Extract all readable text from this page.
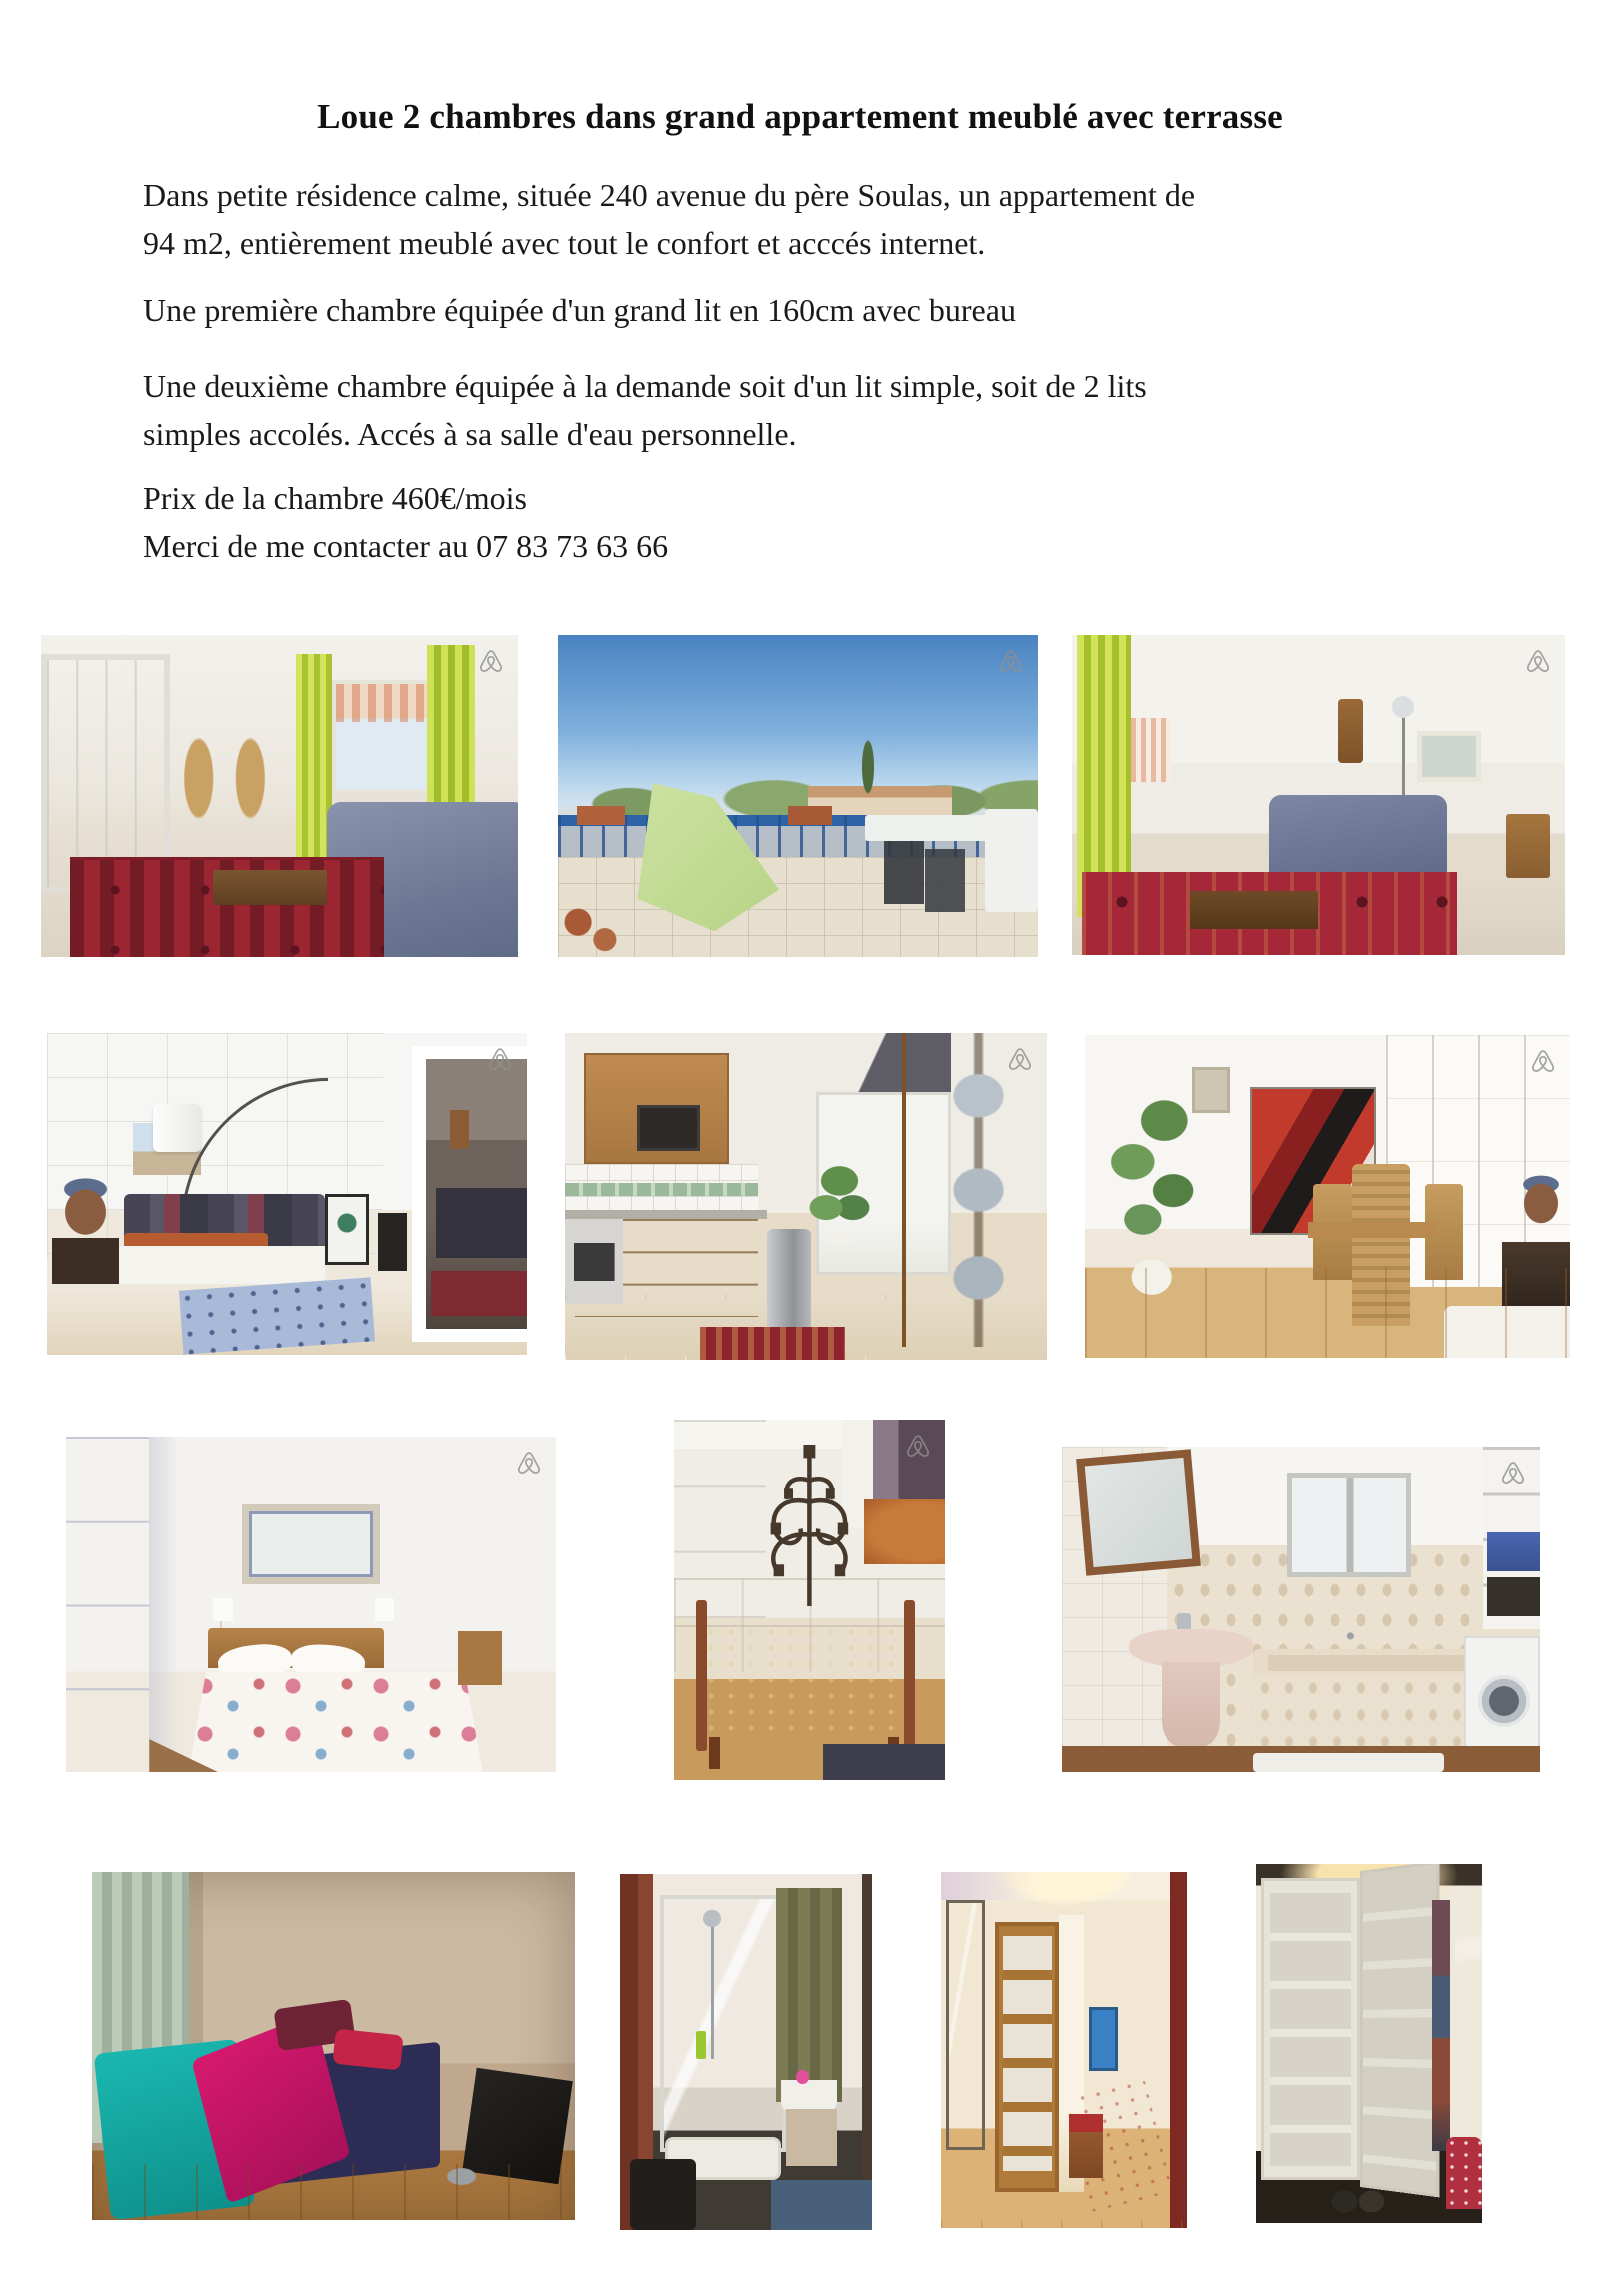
Loue 2 chambres dans grand appartement meublé avec terrasse
Dans petite résidence calme, située 240 avenue du père Soulas, un appartement de
94 m2, entièrement meublé avec tout le confort et acccés internet.
Une première chambre équipée d'un grand lit en 160cm avec bureau
Une deuxième chambre équipée à la demande soit d'un lit simple, soit de 2 lits
simples accolés. Accés à sa salle d'eau personnelle.
Prix de la chambre 460€/mois
Merci de me contacter au 07 83 73 63 66
